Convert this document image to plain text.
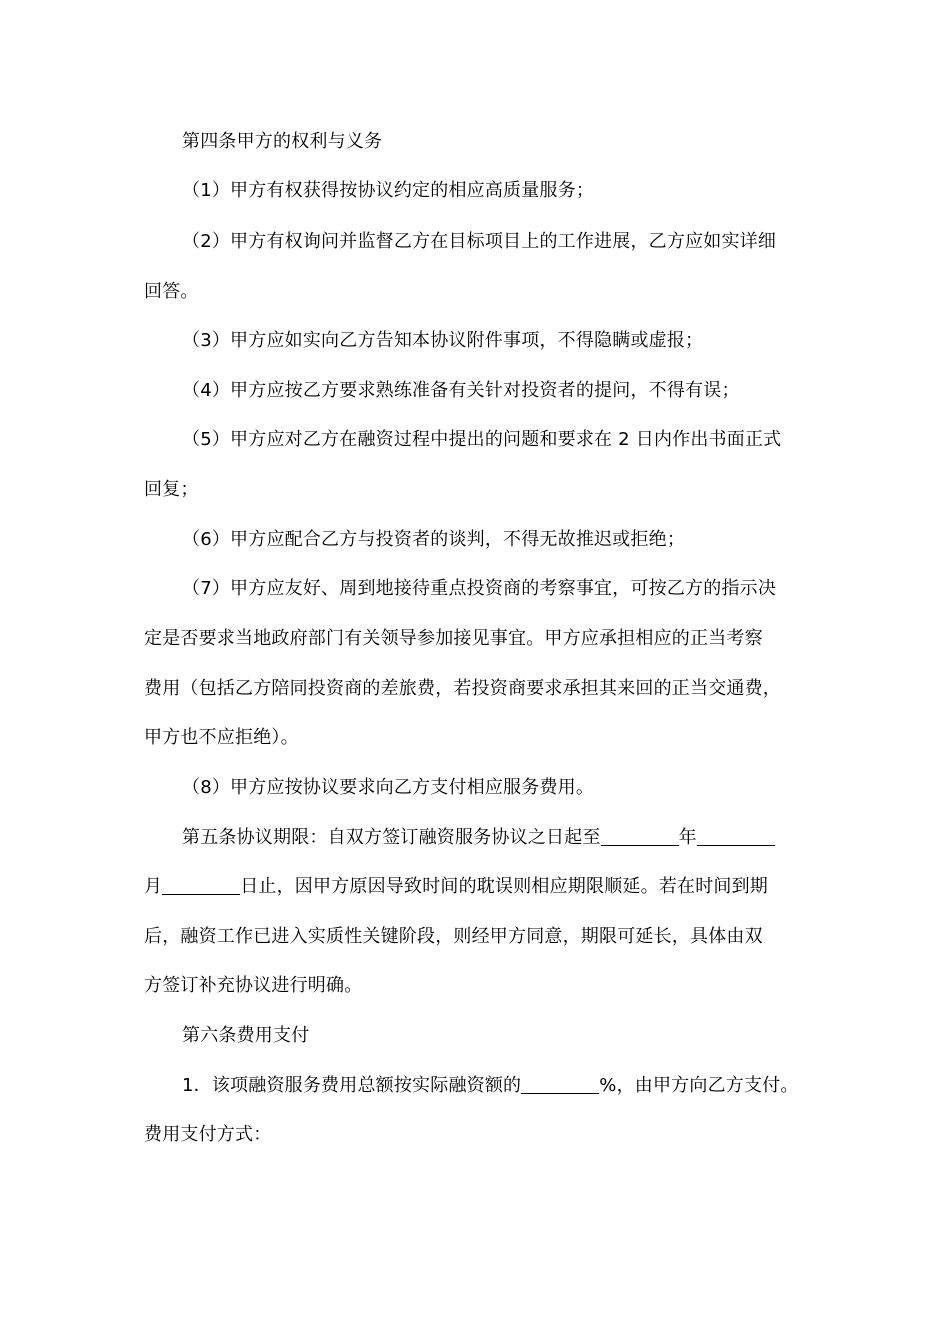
第四条甲方的权利与义务
（1）甲方有权获得按协议约定的相应高质量服务；
（2）甲方有权询问并监督乙方在目标项目上的工作进展，乙方应如实详细
回答。
（3）甲方应如实向乙方告知本协议附件事项，不得隐瞒或虚报；
（4）甲方应按乙方要求熟练准备有关针对投资者的提问，不得有误；
（5）甲方应对乙方在融资过程中提出的问题和要求在 2 日内作出书面正式
回复；
（6）甲方应配合乙方与投资者的谈判，不得无故推迟或拒绝；
（7）甲方应友好、周到地接待重点投资商的考察事宜，可按乙方的指示决
定是否要求当地政府部门有关领导参加接见事宜。甲方应承担相应的正当考察
费用（包括乙方陪同投资商的差旅费，若投资商要求承担其来回的正当交通费，
甲方也不应拒绝）。
（8）甲方应按协议要求向乙方支付相应服务费用。
第五条协议期限：自双方签订融资服务协议之日起至	年
月	日止，因甲方原因导致时间的耽误则相应期限顺延。若在时间到期
后，融资工作已进入实质性关键阶段，则经甲方同意，期限可延长，具体由双
方签订补充协议进行明确。
第六条费用支付
1．该项融资服务费用总额按实际融资额的	%，由甲方向乙方支付。
费用支付方式：
